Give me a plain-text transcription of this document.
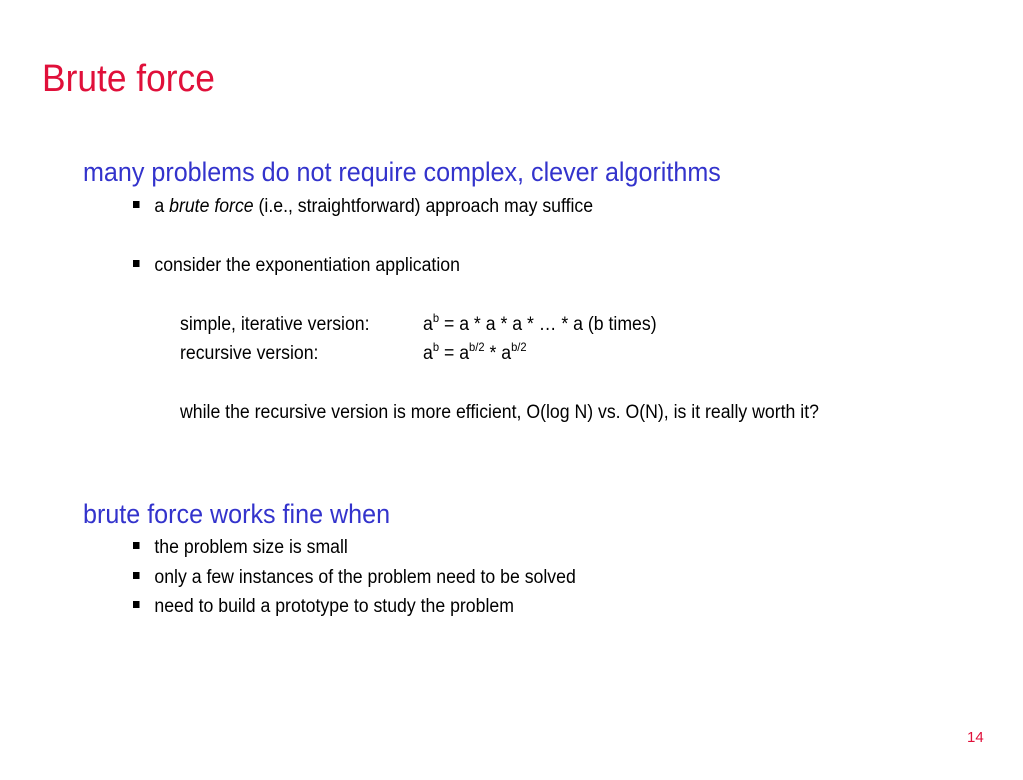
Brute force
many problems do not require complex, clever algorithms
a brute force (i.e., straightforward) approach may suffice
consider the exponentiation application
simple, iterative version:	$a^b = a * a * a$ * … * a (b times)
recursive version:	$a^b = a^{b/2} * a^{b/2}$
while the recursive version is more efficient, O(log N) vs. O(N), is it really worth it?
brute force works fine when
the problem size is small
only a few instances of the problem need to be solved
need to build a prototype to study the problem
14
